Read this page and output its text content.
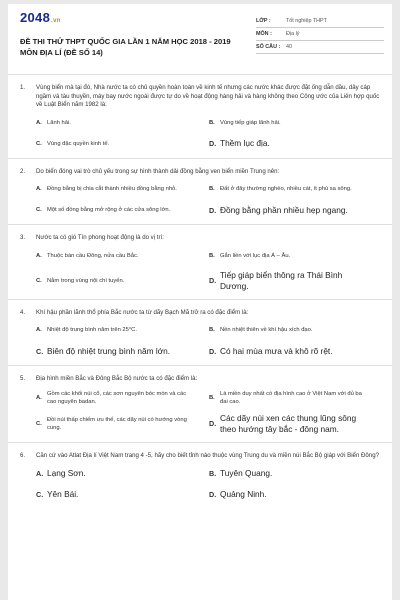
2048.vn
ĐỀ THI THỬ THPT QUỐC GIA LẦN 1 NĂM HỌC 2018 - 2019 MÔN ĐỊA LÍ (ĐỀ SỐ 14)
LỚP :	Tốt nghiệp THPT
MÔN :	Địa lý
SỐ CÂU :	40
1.	Vùng biển mà tại đó, Nhà nước ta có chủ quyền hoàn toàn về kinh tế nhưng các nước khác được đặt ống dẫn dầu, dây cáp ngầm và tàu thuyền, máy bay nước ngoài được tự do về hoạt động hàng hải và hàng không theo Công ước của Liên hợp quốc về Luật Biển năm 1982 là:
A. Lãnh hải.	B. Vùng tiếp giáp lãnh hải.
C. Vùng đặc quyền kinh tế.	D. Thềm lục địa.
2.	Do biển đóng vai trò chủ yếu trong sự hình thành dải đồng bằng ven biển miền Trung nên:
A. Đồng bằng bị chia cắt thành nhiều đồng bằng nhỏ.	B. Đất ở đây thường nghèo, nhiều cát, ít phù sa sông.
C. Một số đồng bằng mở rộng ở các cửa sông lớn.	D. Đồng bằng phần nhiều hẹp ngang.
3.	Nước ta có gió Tín phong hoạt động là do vị trí:
A. Thuộc bán cầu Đông, nửa cầu Bắc.	B. Gắn liền với lục địa Á – Âu.
C. Nằm trong vùng nội chí tuyến.	D.
Tiếp giáp biển thông ra Thái Bình Dương.
4.	Khí hậu phần lãnh thổ phía Bắc nước ta từ dãy Bạch Mã trở ra có đặc điểm là:
A. Nhiệt độ trung bình năm trên 25°C.	B. Nền nhiệt thiên về khí hậu xích đạo.
C. Biên độ nhiệt trung bình năm lớn.	D. Có hai mùa mưa và khô rõ rệt.
5.	Địa hình miền Bắc và Đông Bắc Bộ nước ta có đặc điểm là:
A.
Gồm các khối núi cổ, các sơn nguyên bóc mòn và các cao nguyên badan.
B.
Là miền duy nhất có địa hình cao ở Việt Nam với đủ ba đai cao.
C.
Đồi núi thấp chiếm ưu thế, các dãy núi có hướng vòng cung.	D.
Các dãy núi xen các thung lũng sông theo hướng tây bắc - đông nam.
6.	Căn cứ vào Atlat Địa lí Việt Nam trang 4 -5, hãy cho biết tỉnh nào thuộc vùng Trung du và miền núi Bắc Bộ giáp với Biển Đông?
A. Lạng Sơn.	B. Tuyên Quang.
C. Yên Bái.	D. Quảng Ninh.
